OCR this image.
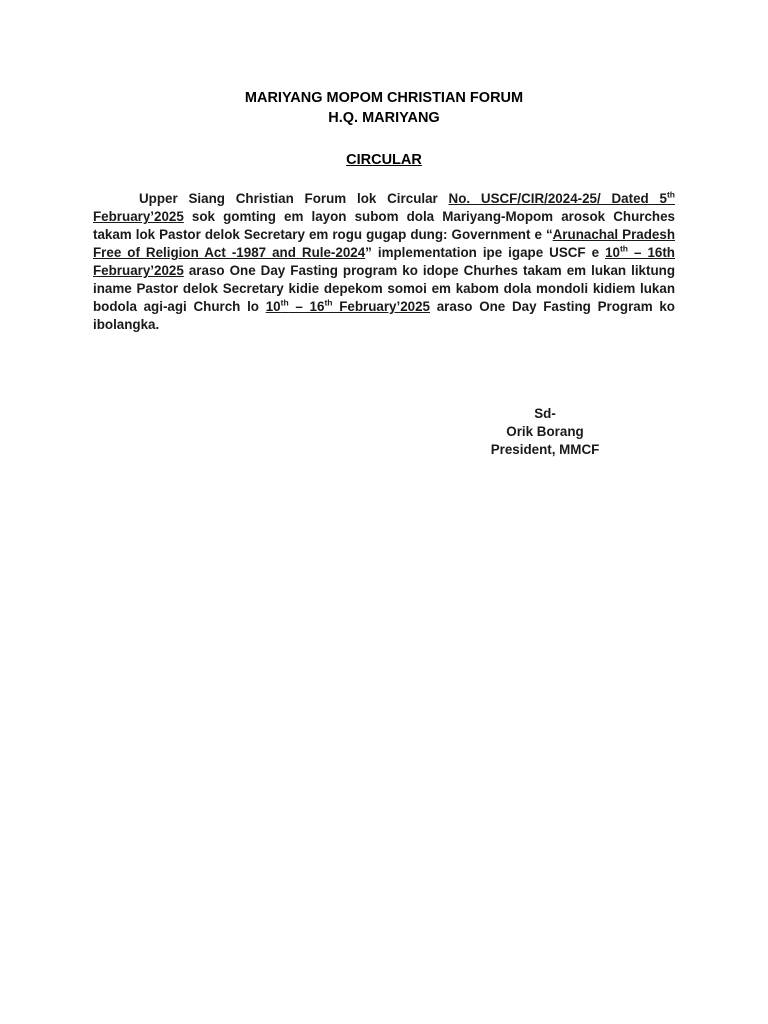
MARIYANG MOPOM CHRISTIAN FORUM
H.Q. MARIYANG
CIRCULAR
Upper Siang Christian Forum lok Circular No. USCF/CIR/2024-25/ Dated 5th February’2025 sok gomting em layon subom dola Mariyang-Mopom arosok Churches takam lok Pastor delok Secretary em rogu gugap dung: Government e “Arunachal Pradesh Free of Religion Act -1987 and Rule-2024” implementation ipe igape USCF e 10th – 16th February’2025 araso One Day Fasting program ko idope Churhes takam em lukan liktung iname Pastor delok Secretary kidie depekom somoi em kabom dola mondoli kidiem lukan bodola agi-agi Church lo 10th – 16th February’2025 araso One Day Fasting Program ko ibolangka.
Sd-
Orik Borang
President, MMCF
